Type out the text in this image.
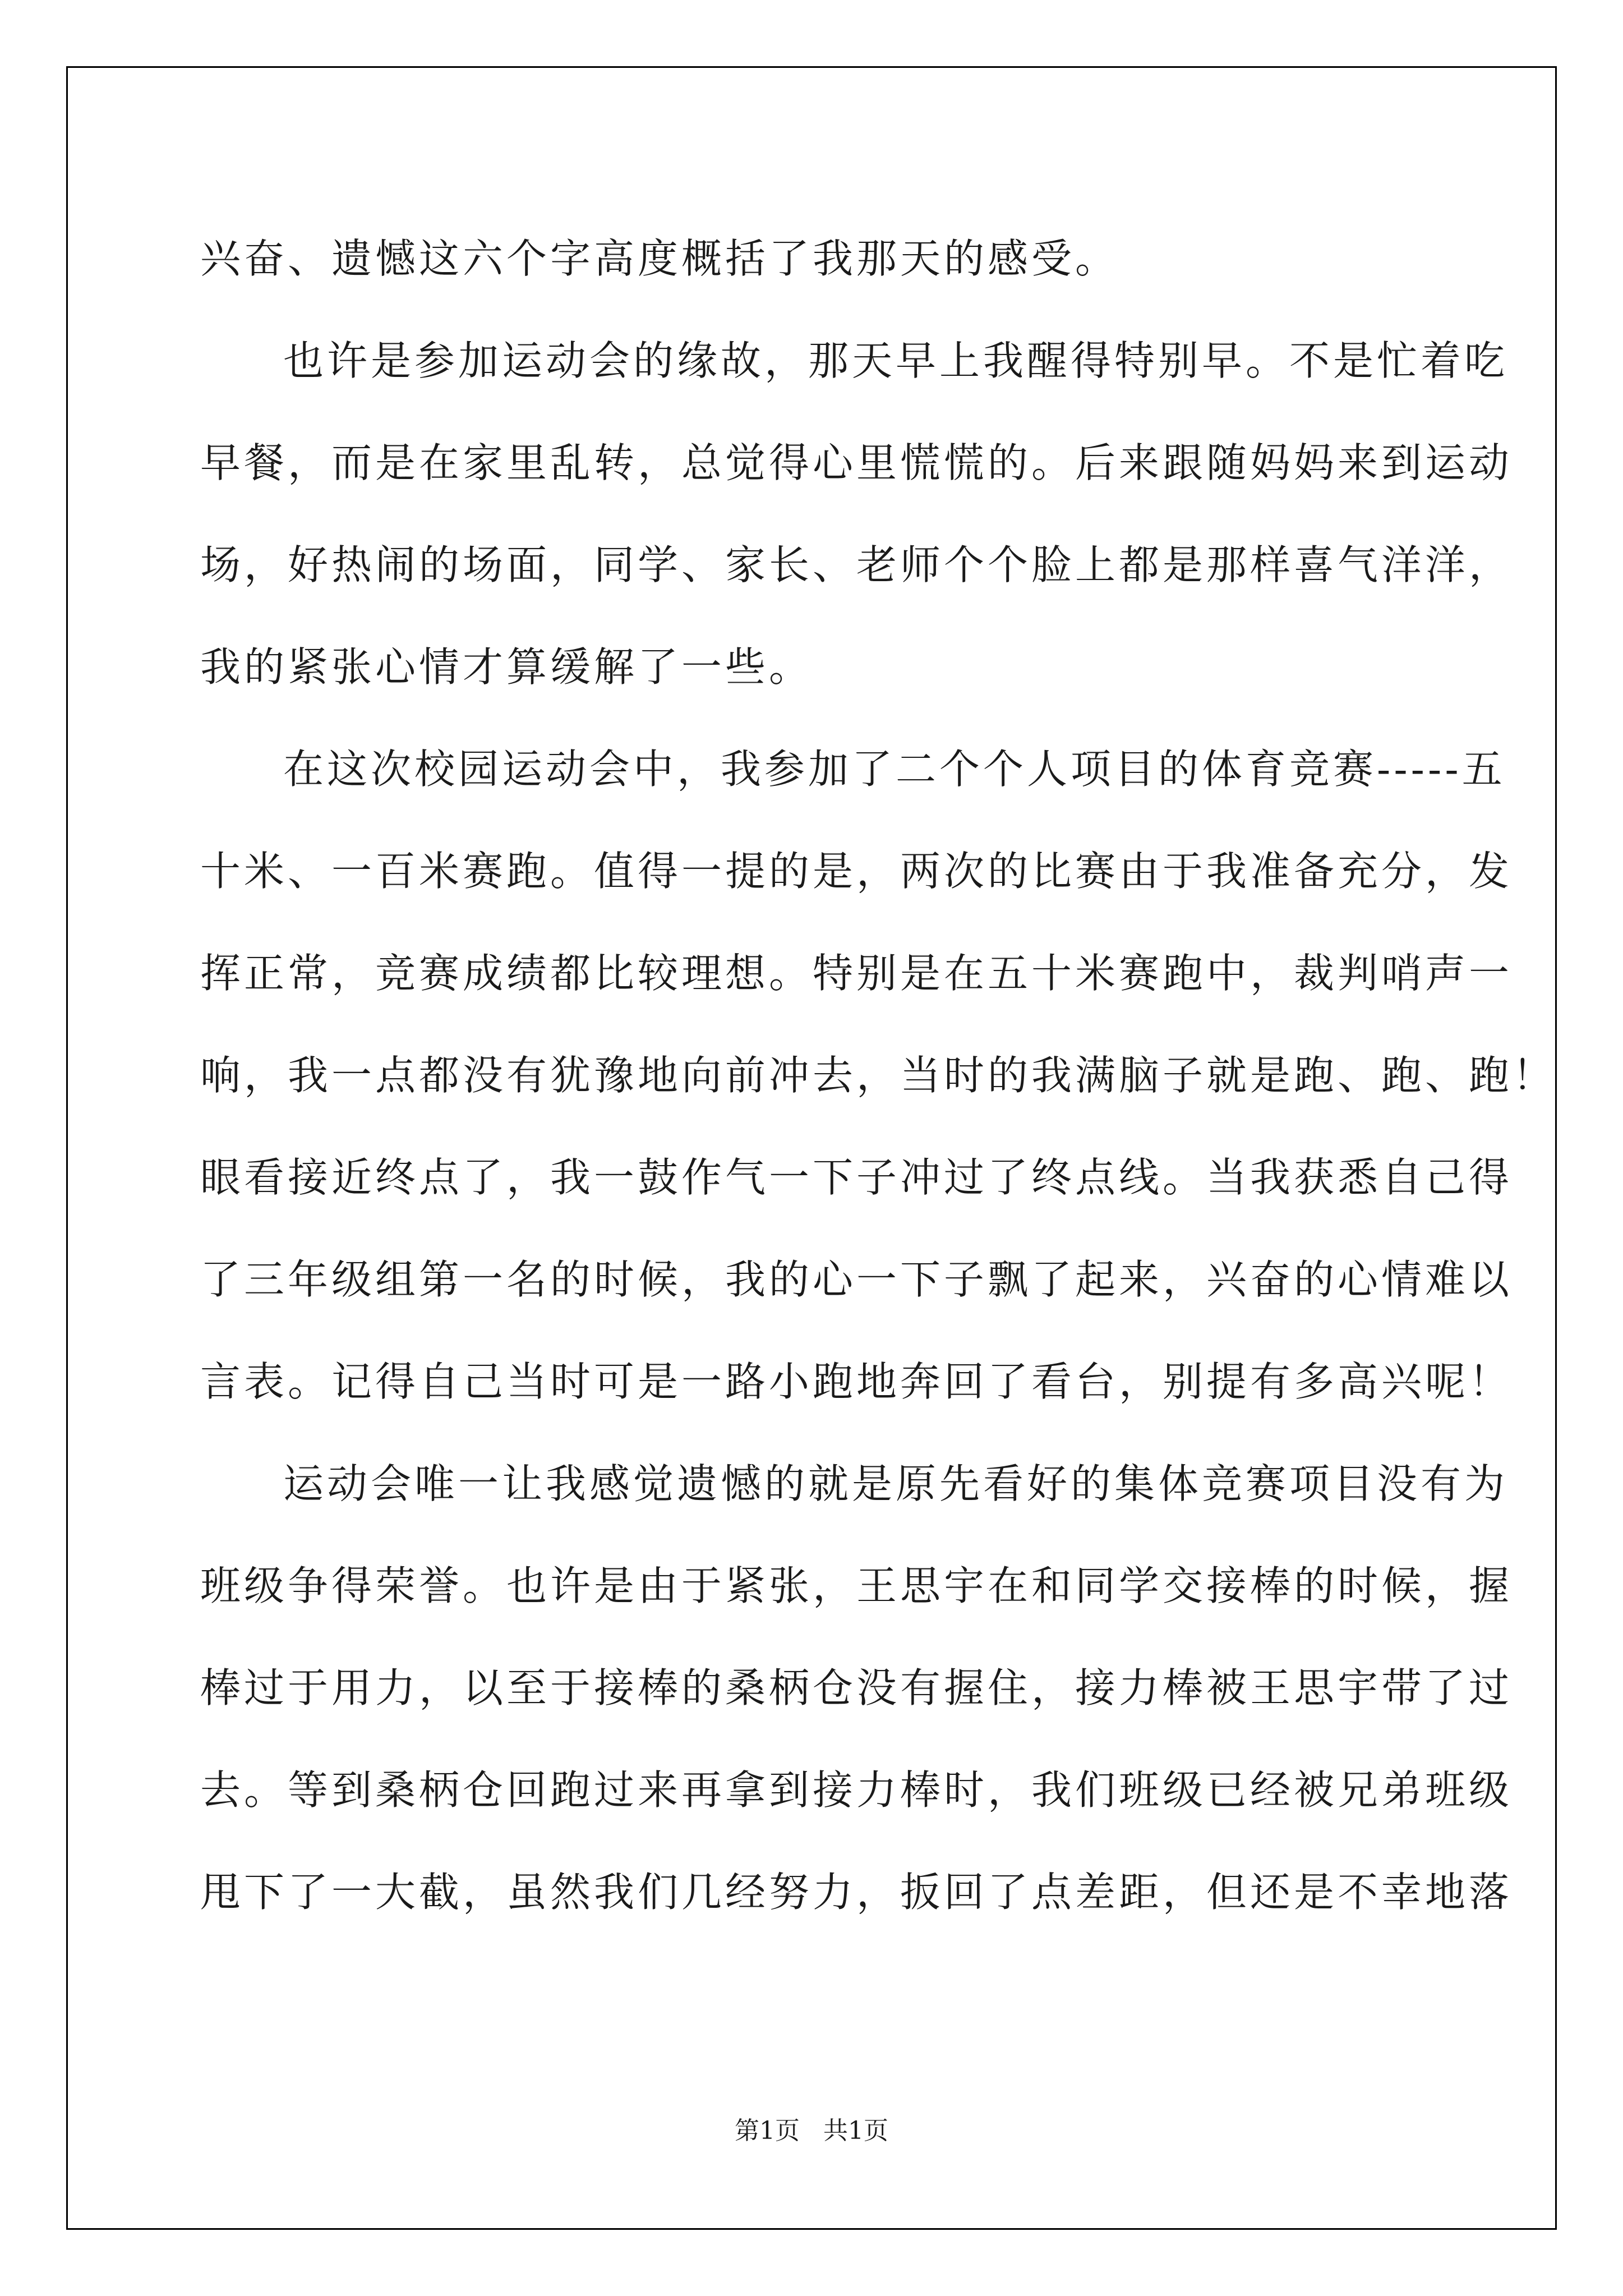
兴奋、遗憾这六个字高度概括了我那天的感受。
也许是参加运动会的缘故，那天早上我醒得特别早。不是忙着吃
早餐，而是在家里乱转，总觉得心里慌慌的。后来跟随妈妈来到运动
场，好热闹的场面，同学、家长、老师个个脸上都是那样喜气洋洋，
我的紧张心情才算缓解了一些。
在这次校园运动会中，我参加了二个个人项目的体育竞赛-----五
十米、一百米赛跑。值得一提的是，两次的比赛由于我准备充分，发
挥正常，竞赛成绩都比较理想。特别是在五十米赛跑中，裁判哨声一
响，我一点都没有犹豫地向前冲去，当时的我满脑子就是跑、跑、跑！
眼看接近终点了，我一鼓作气一下子冲过了终点线。当我获悉自己得
了三年级组第一名的时候，我的心一下子飘了起来，兴奋的心情难以
言表。记得自己当时可是一路小跑地奔回了看台，别提有多高兴呢！
运动会唯一让我感觉遗憾的就是原先看好的集体竞赛项目没有为
班级争得荣誉。也许是由于紧张，王思宇在和同学交接棒的时候，握
棒过于用力，以至于接棒的桑柄仓没有握住，接力棒被王思宇带了过
去。等到桑柄仓回跑过来再拿到接力棒时，我们班级已经被兄弟班级
甩下了一大截，虽然我们几经努力，扳回了点差距，但还是不幸地落
第1页   共1页
